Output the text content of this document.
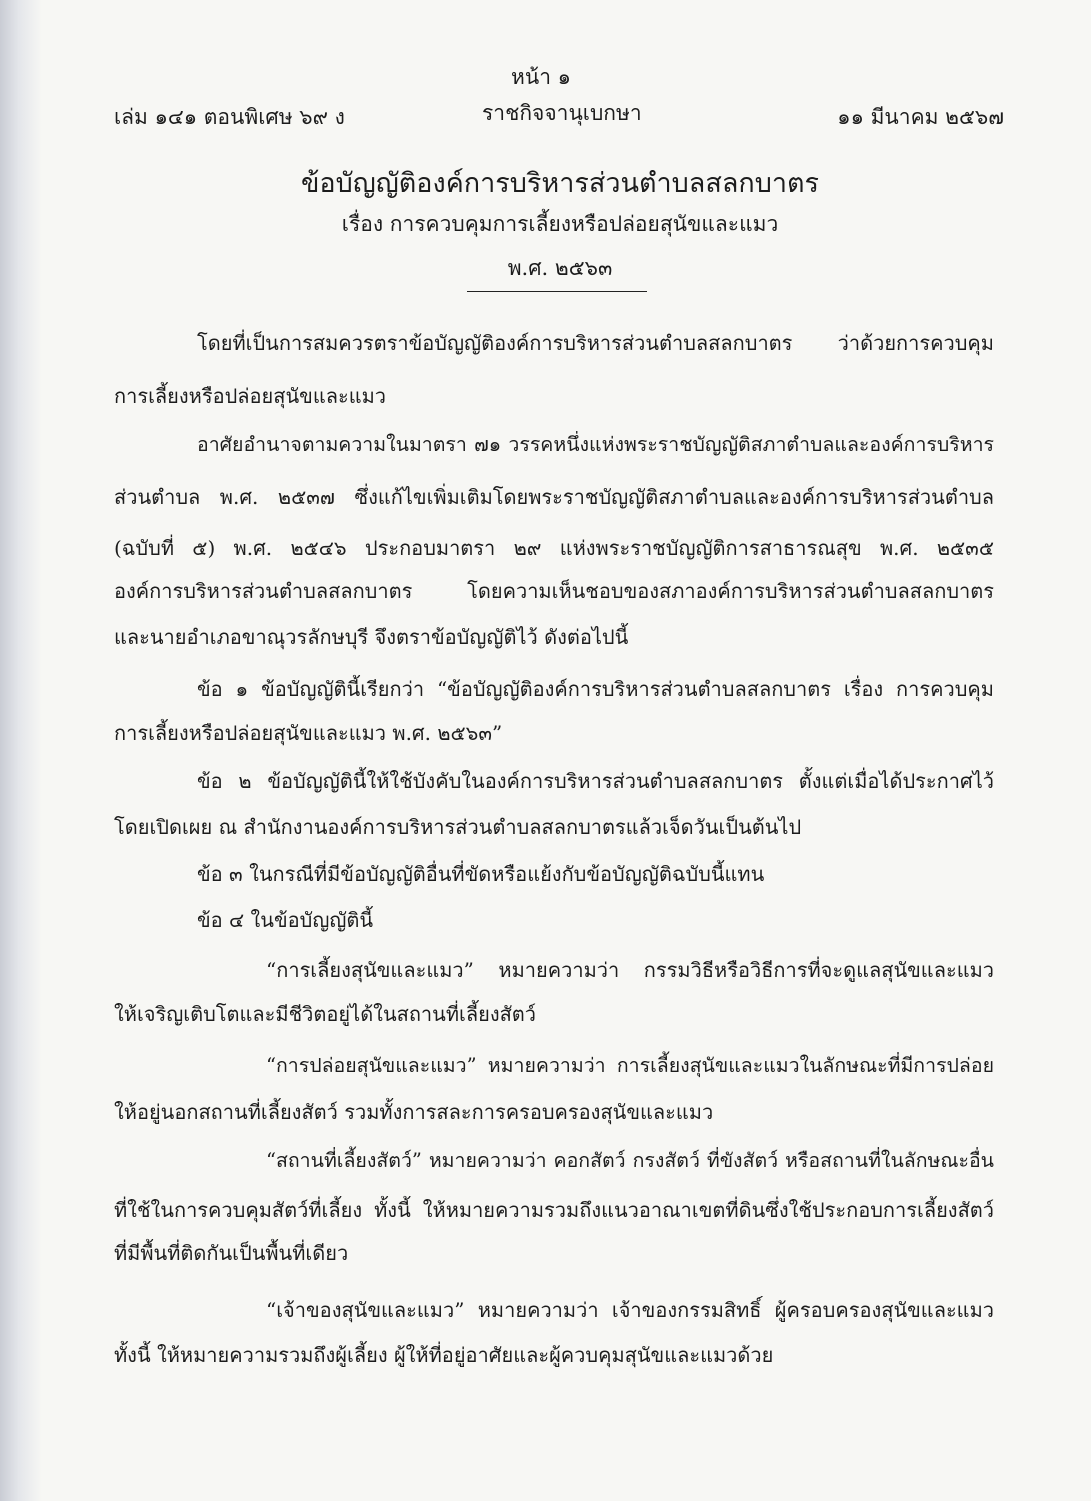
หน้า ๑
เล่ม ๑๔๑ ตอนพิเศษ ๖๙ ง	ราชกิจจานุเบกษา	๑๑ มีนาคม ๒๕๖๗
ข้อบัญญัติองค์การบริหารส่วนตำบลสลกบาตร
เรื่อง การควบคุมการเลี้ยงหรือปล่อยสุนัขและแมว
พ.ศ. ๒๕๖๓
โดยที่เป็นการสมควรตราข้อบัญญัติองค์การบริหารส่วนตำบลสลกบาตร ว่าด้วยการควบคุม
การเลี้ยงหรือปล่อยสุนัขและแมว
อาศัยอำนาจตามความในมาตรา ๗๑ วรรคหนึ่งแห่งพระราชบัญญัติสภาตำบลและองค์การบริหาร
ส่วนตำบล พ.ศ. ๒๕๓๗ ซึ่งแก้ไขเพิ่มเติมโดยพระราชบัญญัติสภาตำบลและองค์การบริหารส่วนตำบล
(ฉบับที่ ๕) พ.ศ. ๒๕๔๖ ประกอบมาตรา ๒๙ แห่งพระราชบัญญัติการสาธารณสุข พ.ศ. ๒๕๓๕
องค์การบริหารส่วนตำบลสลกบาตร โดยความเห็นชอบของสภาองค์การบริหารส่วนตำบลสลกบาตร
และนายอำเภอขาณุวรลักษบุรี จึงตราข้อบัญญัติไว้ ดังต่อไปนี้
ข้อ ๑ ข้อบัญญัตินี้เรียกว่า “ข้อบัญญัติองค์การบริหารส่วนตำบลสลกบาตร เรื่อง การควบคุม
การเลี้ยงหรือปล่อยสุนัขและแมว พ.ศ. ๒๕๖๓”
ข้อ ๒ ข้อบัญญัตินี้ให้ใช้บังคับในองค์การบริหารส่วนตำบลสลกบาตร ตั้งแต่เมื่อได้ประกาศไว้
โดยเปิดเผย ณ สำนักงานองค์การบริหารส่วนตำบลสลกบาตรแล้วเจ็ดวันเป็นต้นไป
ข้อ ๓ ในกรณีที่มีข้อบัญญัติอื่นที่ขัดหรือแย้งกับข้อบัญญัติฉบับนี้แทน
ข้อ ๔ ในข้อบัญญัตินี้
“การเลี้ยงสุนัขและแมว” หมายความว่า กรรมวิธีหรือวิธีการที่จะดูแลสุนัขและแมว
ให้เจริญเติบโตและมีชีวิตอยู่ได้ในสถานที่เลี้ยงสัตว์
“การปล่อยสุนัขและแมว” หมายความว่า การเลี้ยงสุนัขและแมวในลักษณะที่มีการปล่อย
ให้อยู่นอกสถานที่เลี้ยงสัตว์ รวมทั้งการสละการครอบครองสุนัขและแมว
“สถานที่เลี้ยงสัตว์” หมายความว่า คอกสัตว์ กรงสัตว์ ที่ขังสัตว์ หรือสถานที่ในลักษณะอื่น
ที่ใช้ในการควบคุมสัตว์ที่เลี้ยง ทั้งนี้ ให้หมายความรวมถึงแนวอาณาเขตที่ดินซึ่งใช้ประกอบการเลี้ยงสัตว์
ที่มีพื้นที่ติดกันเป็นพื้นที่เดียว
“เจ้าของสุนัขและแมว” หมายความว่า เจ้าของกรรมสิทธิ์ ผู้ครอบครองสุนัขและแมว
ทั้งนี้ ให้หมายความรวมถึงผู้เลี้ยง ผู้ให้ที่อยู่อาศัยและผู้ควบคุมสุนัขและแมวด้วย
